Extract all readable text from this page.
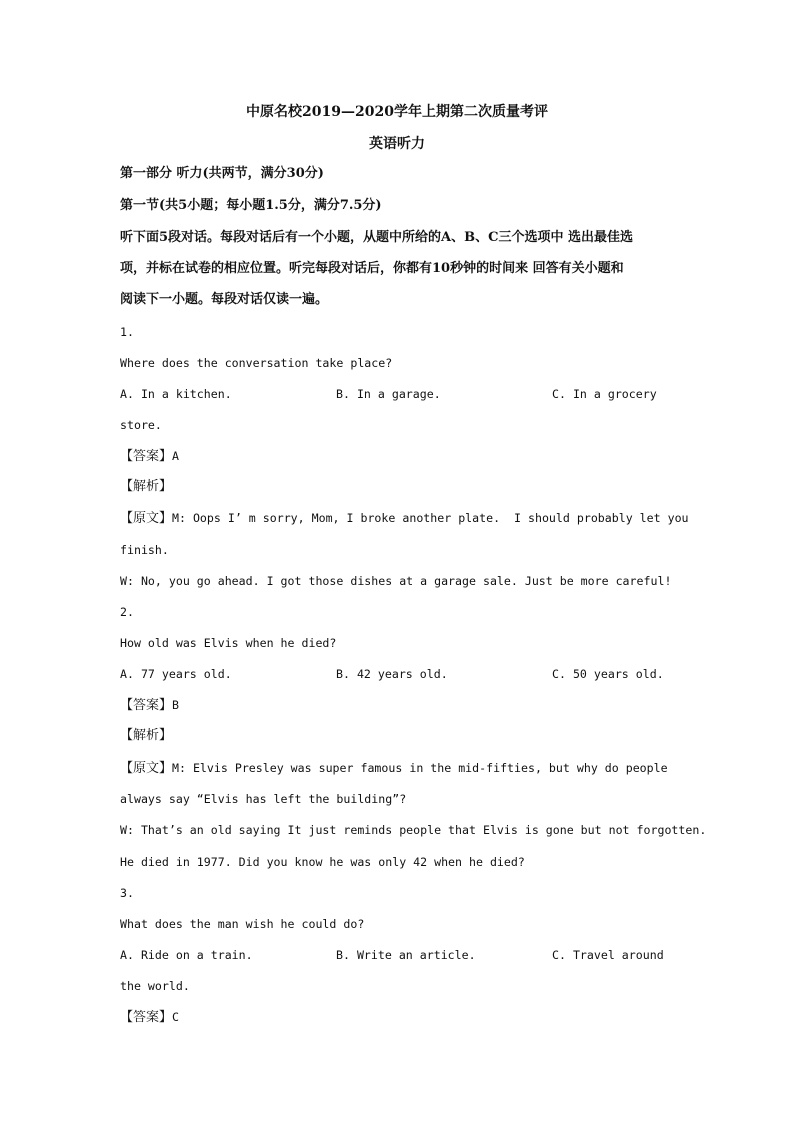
中原名校2019—2020学年上期第二次质量考评
英语听力
第一部分 听力(共两节，满分30分)
第一节(共5小题；每小题1.5分，满分7.5分)
听下面5段对话。每段对话后有一个小题，从题中所给的A、B、C三个选项中 选出最佳选
项，并标在试卷的相应位置。听完每段对话后，你都有10秒钟的时间来 回答有关小题和
阅读下一小题。每段对话仅读一遍。
1.
Where does the conversation take place?
A. In a kitchen.	B. In a garage.	C. In a grocery
store.
【答案】A
【解析】
【原文】M: Oops I’ m sorry, Mom, I broke another plate.  I should probably let you
finish.
W: No, you go ahead. I got those dishes at a garage sale. Just be more careful!
2.
How old was Elvis when he died?
A. 77 years old.	B. 42 years old.	C. 50 years old.
【答案】B
【解析】
【原文】M: Elvis Presley was super famous in the mid-fifties, but why do people
always say “Elvis has left the building”?
W: That’s an old saying It just reminds people that Elvis is gone but not forgotten.
He died in 1977. Did you know he was only 42 when he died?
3.
What does the man wish he could do?
A. Ride on a train.	B. Write an article.	C. Travel around
the world.
【答案】C
